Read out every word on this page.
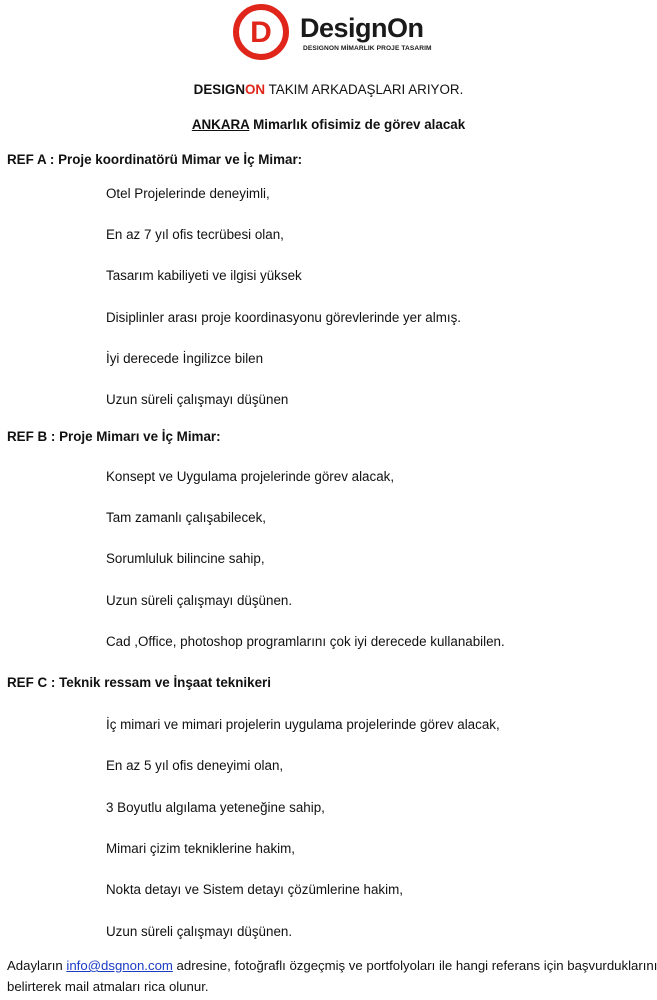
D DesignOn
DESIGNON MİMARLIK PROJE TASARIM
DESIGNON TAKIM ARKADAŞLARI ARIYOR.
ANKARA Mimarlık ofisimiz de görev alacak
REF A : Proje koordinatörü Mimar ve İç Mimar:
Otel Projelerinde deneyimli,
En az 7 yıl ofis tecrübesi olan,
Tasarım kabiliyeti ve ilgisi yüksek
Disiplinler arası proje koordinasyonu görevlerinde yer almış.
İyi derecede İngilizce bilen
Uzun süreli çalışmayı düşünen
REF B : Proje Mimarı ve İç Mimar:
Konsept ve Uygulama projelerinde görev alacak,
Tam zamanlı çalışabilecek,
Sorumluluk bilincine sahip,
Uzun süreli çalışmayı düşünen.
Cad ,Office, photoshop programlarını çok iyi derecede kullanabilen.
REF C : Teknik ressam ve İnşaat teknikeri
İç mimari ve mimari projelerin uygulama projelerinde görev alacak,
En az 5 yıl ofis deneyimi olan,
3 Boyutlu algılama yeteneğine sahip,
Mimari çizim tekniklerine hakim,
Nokta detayı ve Sistem detayı çözümlerine hakim,
Uzun süreli çalışmayı düşünen.
Adayların info@dsgnon.com adresine, fotoğraflı özgeçmiş ve portfolyoları ile hangi referans için başvurduklarını
belirterek mail atmaları rica olunur.
